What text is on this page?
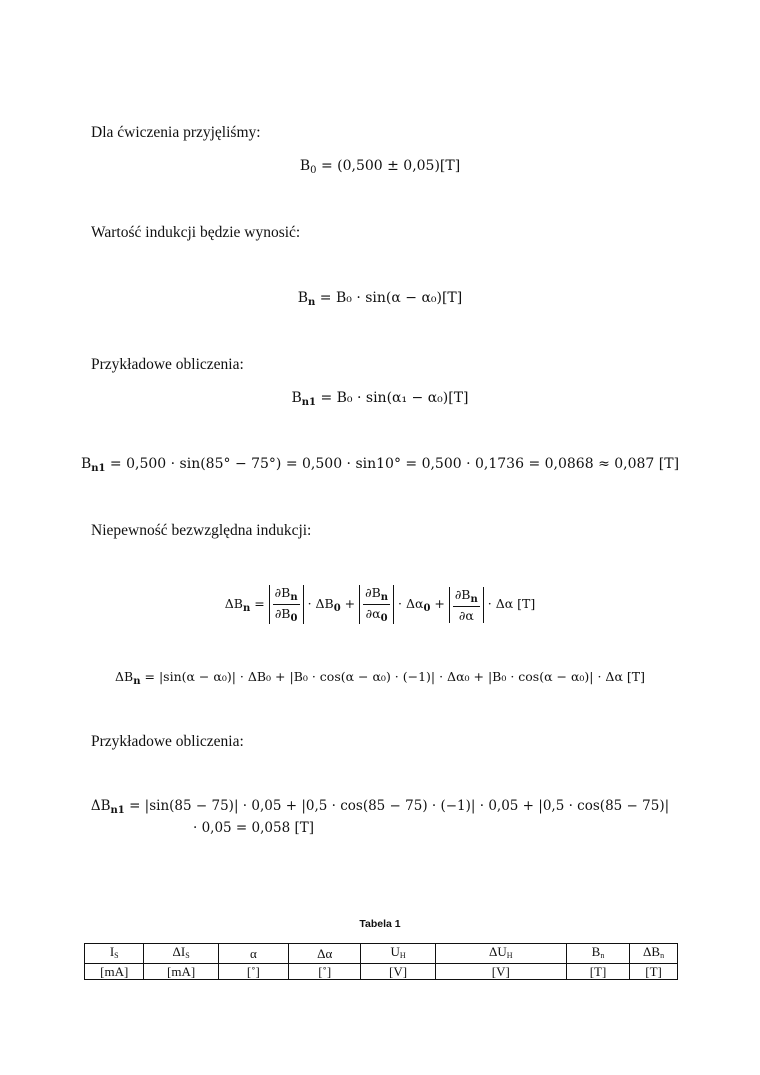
Dla ćwiczenia przyjęliśmy:
$B_0 = (0,500 \pm 0,05)[T]$
Wartość indukcji będzie wynosić:
$B_n = B_0 \cdot \sin(\alpha - \alpha_0)[T]$
Przykładowe obliczenia:
$B_{n1} = B_0 \cdot \sin(\alpha_1 - \alpha_0)[T]$
$B_{n1} = 0,500 \cdot \sin(85^\circ - 75^\circ) = 0,500 \cdot \sin 10^\circ = 0,500 \cdot 0,1736 = 0,0868 \approx 0,087$ [T]
Niepewność bezwzględna indukcji:
$\Delta B_n = \frac{\partial B_n}{\partial B_0} \cdot \Delta B_0 + \frac{\partial B_n}{\partial\alpha_0} \cdot \Delta\alpha_0 + \frac{\partial B_n}{\partial\alpha} \cdot \Delta\alpha$ [T]
$\Delta B_n = |\sin(\alpha - \alpha_0)| \cdot \Delta B_0 + |B_0 \cdot \cos(\alpha - \alpha_0) \cdot (-1)| \cdot \Delta\alpha_0 + |B_0 \cdot \cos(\alpha - \alpha_0)| \cdot \Delta\alpha$ [T]
Przykładowe obliczenia:
$\Delta B_{n1} = |\sin(85 - 75)| \cdot 0,05 + |0,5 \cdot \cos(85 - 75) \cdot (-1)| \cdot 0,05 + |0,5 \cdot \cos(85 - 75)|$
· 0,05 = 0,058 [T]
Tabela 1
$I_S$	$\Delta I_S$	α	Δα	$U_H$	$\Delta U_H$	$B_n$	$\Delta B_n$
[mA]	[mA]	[˚]	[˚]	[V]	[V]	[T]	[T]
